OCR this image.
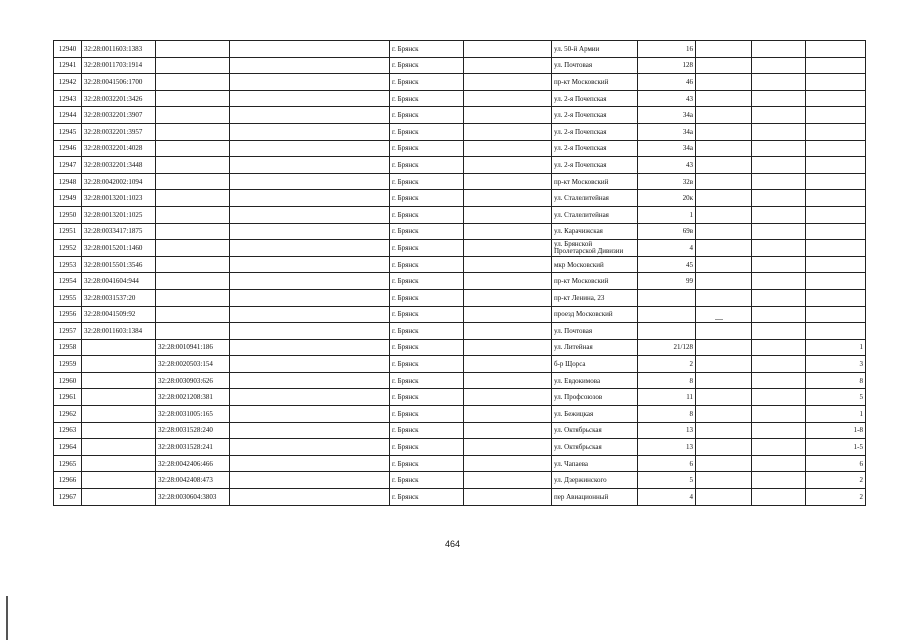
12940	32:28:0011603:1383			г. Брянск		ул. 50-й Армии	16			
12941	32:28:0011703:1914			г. Брянск		ул. Почтовая	128			
12942	32:28:0041506:1700			г. Брянск		пр-кт Московский	46			
12943	32:28:0032201:3426			г. Брянск		ул. 2-я Почепская	43			
12944	32:28:0032201:3907			г. Брянск		ул. 2-я Почепская	34а			
12945	32:28:0032201:3957			г. Брянск		ул. 2-я Почепская	34а			
12946	32:28:0032201:4028			г. Брянск		ул. 2-я Почепская	34а			
12947	32:28:0032201:3448			г. Брянск		ул. 2-я Почепская	43			
12948	32:28:0042002:1094			г. Брянск		пр-кт Московский	32в			
12949	32:28:0013201:1023			г. Брянск		ул. Сталелитейная	20к			
12950	32:28:0013201:1025			г. Брянск		ул. Сталелитейная	1			
12951	32:28:0033417:1875			г. Брянск		ул. Карачижская	69в			
12952	32:28:0015201:1460			г. Брянск		ул. Брянской Пролетарской Дивизии	4			
12953	32:28:0015501:3546			г. Брянск		мкр Московский	45			
12954	32:28:0041604:944			г. Брянск		пр-кт Московский	99			
12955	32:28:0031537:20			г. Брянск		пр-кт Ленина, 23				
12956	32:28:0041509:92			г. Брянск		проезд Московский				
12957	32:28:0011603:1384			г. Брянск		ул. Почтовая				
12958		32:28:0010941:186		г. Брянск		ул. Литейная	21/128			1
12959		32:28:0020503:154		г. Брянск		б-р Щорса	2			3
12960		32:28:0030903:626		г. Брянск		ул. Евдокимова	8			8
12961		32:28:0021208:381		г. Брянск		ул. Профсоюзов	11			5
12962		32:28:0031005:165		г. Брянск		ул. Бежицкая	8			1
12963		32:28:0031528:240		г. Брянск		ул. Октябрьская	13			1-8
12964		32:28:0031528:241		г. Брянск		ул. Октябрьская	13			1-5
12965		32:28:0042406:466		г. Брянск		ул. Чапаева	6			6
12966		32:28:0042408:473		г. Брянск		ул. Дзержинского	5			2
12967		32:28:0030604:3803		г. Брянск		пер Авиационный	4			2
464
